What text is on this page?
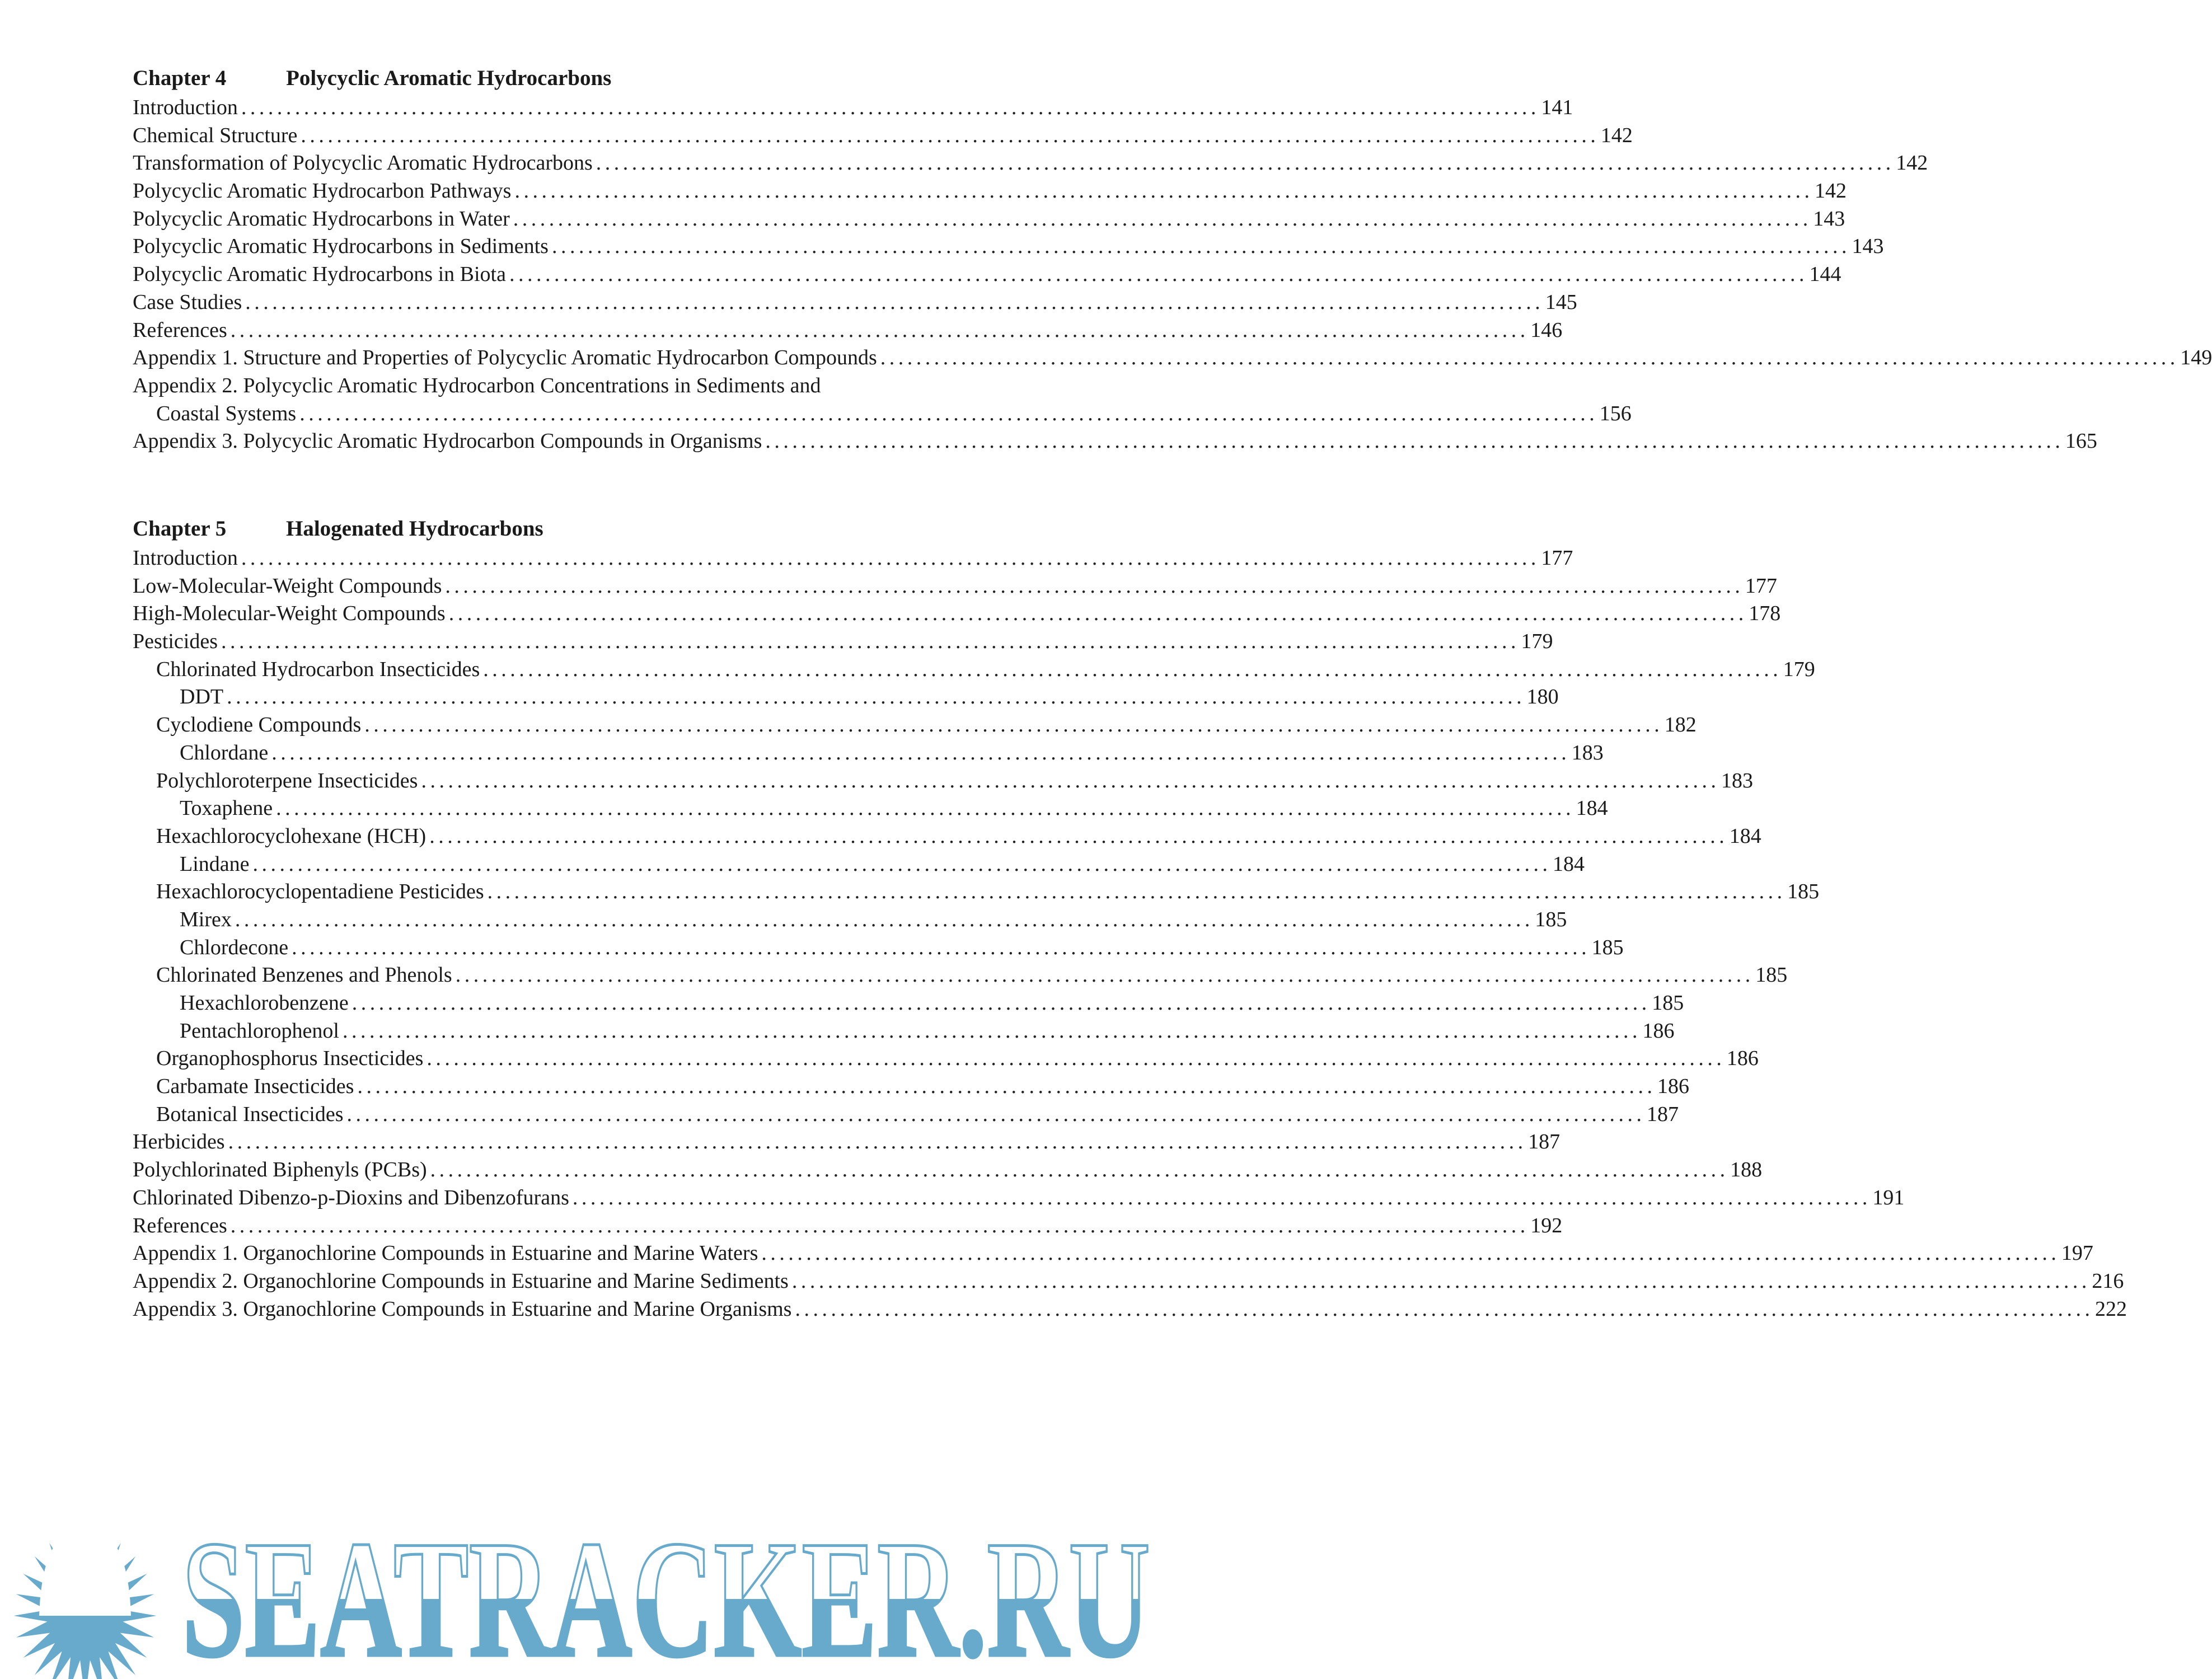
Chapter 4	Polycyclic Aromatic Hydrocarbons
Introduction . . .	141
Chemical Structure . . .	142
Transformation of Polycyclic Aromatic Hydrocarbons . . .	142
Polycyclic Aromatic Hydrocarbon Pathways . . .	142
Polycyclic Aromatic Hydrocarbons in Water . . .	143
Polycyclic Aromatic Hydrocarbons in Sediments . . .	143
Polycyclic Aromatic Hydrocarbons in Biota . . .	144
Case Studies . . .	145
References . . .	146
Appendix 1. Structure and Properties of Polycyclic Aromatic Hydrocarbon Compounds . . .	149
Appendix 2. Polycyclic Aromatic Hydrocarbon Concentrations in Sediments and
Coastal Systems . . .	156
Appendix 3. Polycyclic Aromatic Hydrocarbon Compounds in Organisms . . .	165
Chapter 5	Halogenated Hydrocarbons
Introduction . . .	177
Low-Molecular-Weight Compounds . . .	177
High-Molecular-Weight Compounds . . .	178
Pesticides . . .	179
Chlorinated Hydrocarbon Insecticides . . .	179
DDT . . .	180
Cyclodiene Compounds . . .	182
Chlordane . . .	183
Polychloroterpene Insecticides . . .	183
Toxaphene . . .	184
Hexachlorocyclohexane (HCH) . . .	184
Lindane . . .	184
Hexachlorocyclopentadiene Pesticides . . .	185
Mirex . . .	185
Chlordecone . . .	185
Chlorinated Benzenes and Phenols . . .	185
Hexachlorobenzene . . .	185
Pentachlorophenol . . .	186
Organophosphorus Insecticides . . .	186
Carbamate Insecticides . . .	186
Botanical Insecticides . . .	187
Herbicides . . .	187
Polychlorinated Biphenyls (PCBs) . . .	188
Chlorinated Dibenzo-p-Dioxins and Dibenzofurans . . .	191
References . . .	192
Appendix 1. Organochlorine Compounds in Estuarine and Marine Waters . . .	197
Appendix 2. Organochlorine Compounds in Estuarine and Marine Sediments . . .	216
Appendix 3. Organochlorine Compounds in Estuarine and Marine Organisms . . .	222
SEATRACKER.RU
